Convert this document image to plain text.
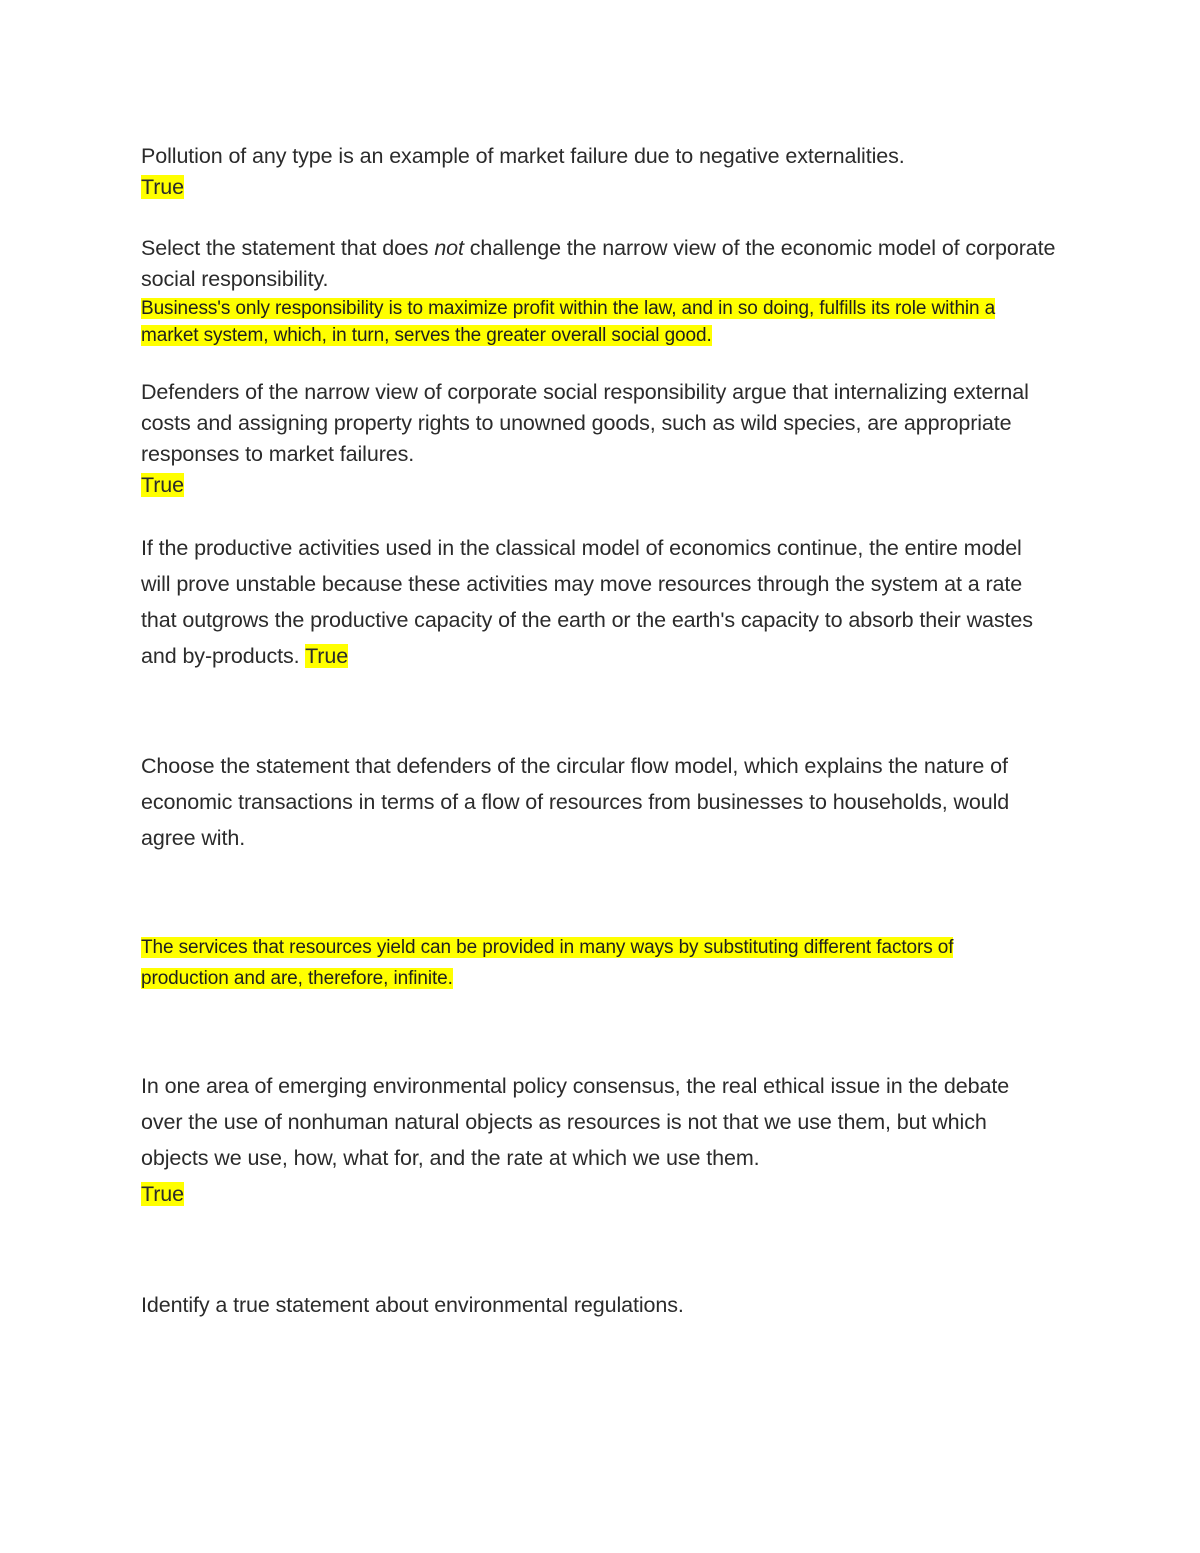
Pollution of any type is an example of market failure due to negative externalities.
True

Select the statement that does not challenge the narrow view of the economic model of corporate social responsibility.

Business's only responsibility is to maximize profit within the law, and in so doing, fulfills its role within a market system, which, in turn, serves the greater overall social good.

Defenders of the narrow view of corporate social responsibility argue that internalizing external costs and assigning property rights to unowned goods, such as wild species, are appropriate responses to market failures.
True

If the productive activities used in the classical model of economics continue, the entire model will prove unstable because these activities may move resources through the system at a rate that outgrows the productive capacity of the earth or the earth's capacity to absorb their wastes and by-products. True

Choose the statement that defenders of the circular flow model, which explains the nature of economic transactions in terms of a flow of resources from businesses to households, would agree with.

The services that resources yield can be provided in many ways by substituting different factors of production and are, therefore, infinite.

In one area of emerging environmental policy consensus, the real ethical issue in the debate over the use of nonhuman natural objects as resources is not that we use them, but which objects we use, how, what for, and the rate at which we use them.
True

Identify a true statement about environmental regulations.
